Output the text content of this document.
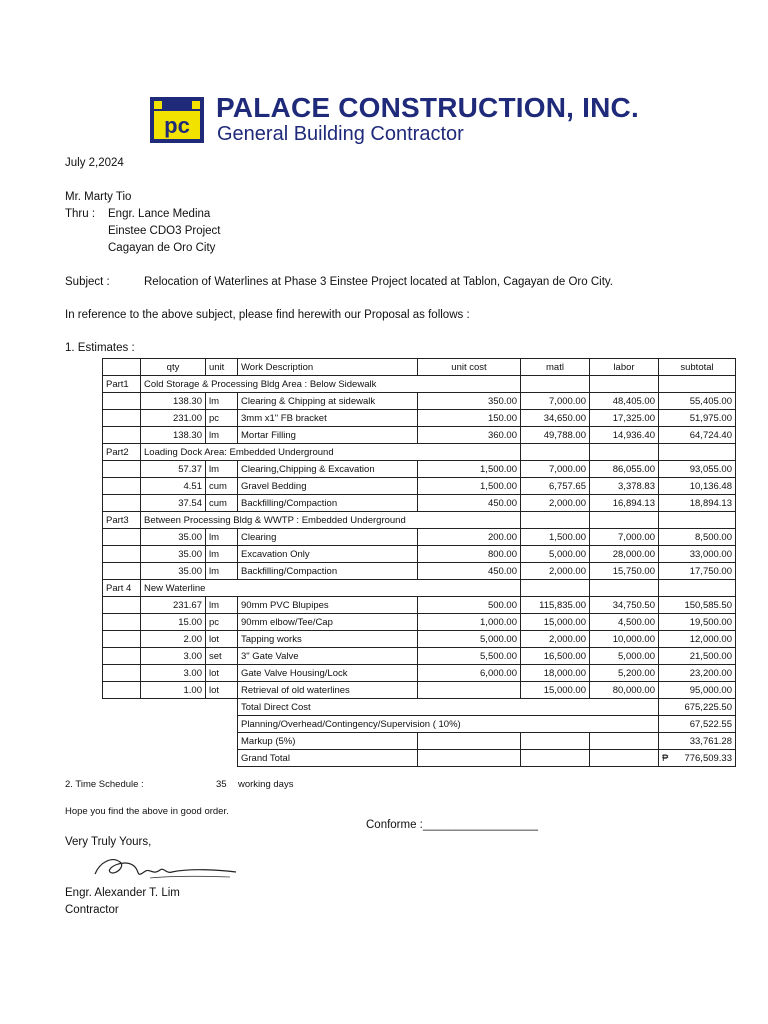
pc
PALACE CONSTRUCTION, INC.
General Building Contractor
July 2,2024
Mr. Marty Tio
Thru : Engr. Lance Medina
Einstee CDO3 Project
Cagayan de Oro City
Subject :	Relocation of Waterlines at Phase 3 Einstee Project located at Tablon, Cagayan de Oro City.
In reference to the above subject, please find herewith our Proposal as follows :
1. Estimates :
	qty	unit	Work Description	unit cost	matl	labor	subtotal
Part1	Cold Storage & Processing Bldg Area : Below Sidewalk						
	138.30	lm	Clearing & Chipping at sidewalk	350.00	7,000.00	48,405.00	55,405.00
	231.00	pc	3mm x1" FB bracket	150.00	34,650.00	17,325.00	51,975.00
	138.30	lm	Mortar Filling	360.00	49,788.00	14,936.40	64,724.40
Part2	Loading Dock Area: Embedded Underground						
	57.37	lm	Clearing,Chipping & Excavation	1,500.00	7,000.00	86,055.00	93,055.00
	4.51	cum	Gravel Bedding	1,500.00	6,757.65	3,378.83	10,136.48
	37.54	cum	Backfilling/Compaction	450.00	2,000.00	16,894.13	18,894.13
Part3	Between Processing Bldg & WWTP : Embedded Underground						
	35.00	lm	Clearing	200.00	1,500.00	7,000.00	8,500.00
	35.00	lm	Excavation Only	800.00	5,000.00	28,000.00	33,000.00
	35.00	lm	Backfilling/Compaction	450.00	2,000.00	15,750.00	17,750.00
Part 4	New Waterline						
	231.67	lm	90mm PVC Blupipes	500.00	115,835.00	34,750.50	150,585.50
	15.00	pc	90mm elbow/Tee/Cap	1,000.00	15,000.00	4,500.00	19,500.00
	2.00	lot	Tapping works	5,000.00	2,000.00	10,000.00	12,000.00
	3.00	set	3" Gate Valve	5,500.00	16,500.00	5,000.00	21,500.00
	3.00	lot	Gate Valve Housing/Lock	6,000.00	18,000.00	5,200.00	23,200.00
	1.00	lot	Retrieval of old waterlines		15,000.00	80,000.00	95,000.00
			Total Direct Cost				675,225.50
			Planning/Overhead/Contingency/Supervision ( 10%)				67,522.55
			Markup (5%)				33,761.28
			Grand Total				₱ 776,509.33
2. Time Schedule :	35 working days
Hope you find the above in good order.
Conforme :__________________
Very Truly Yours,
Engr. Alexander T. Lim
Contractor
